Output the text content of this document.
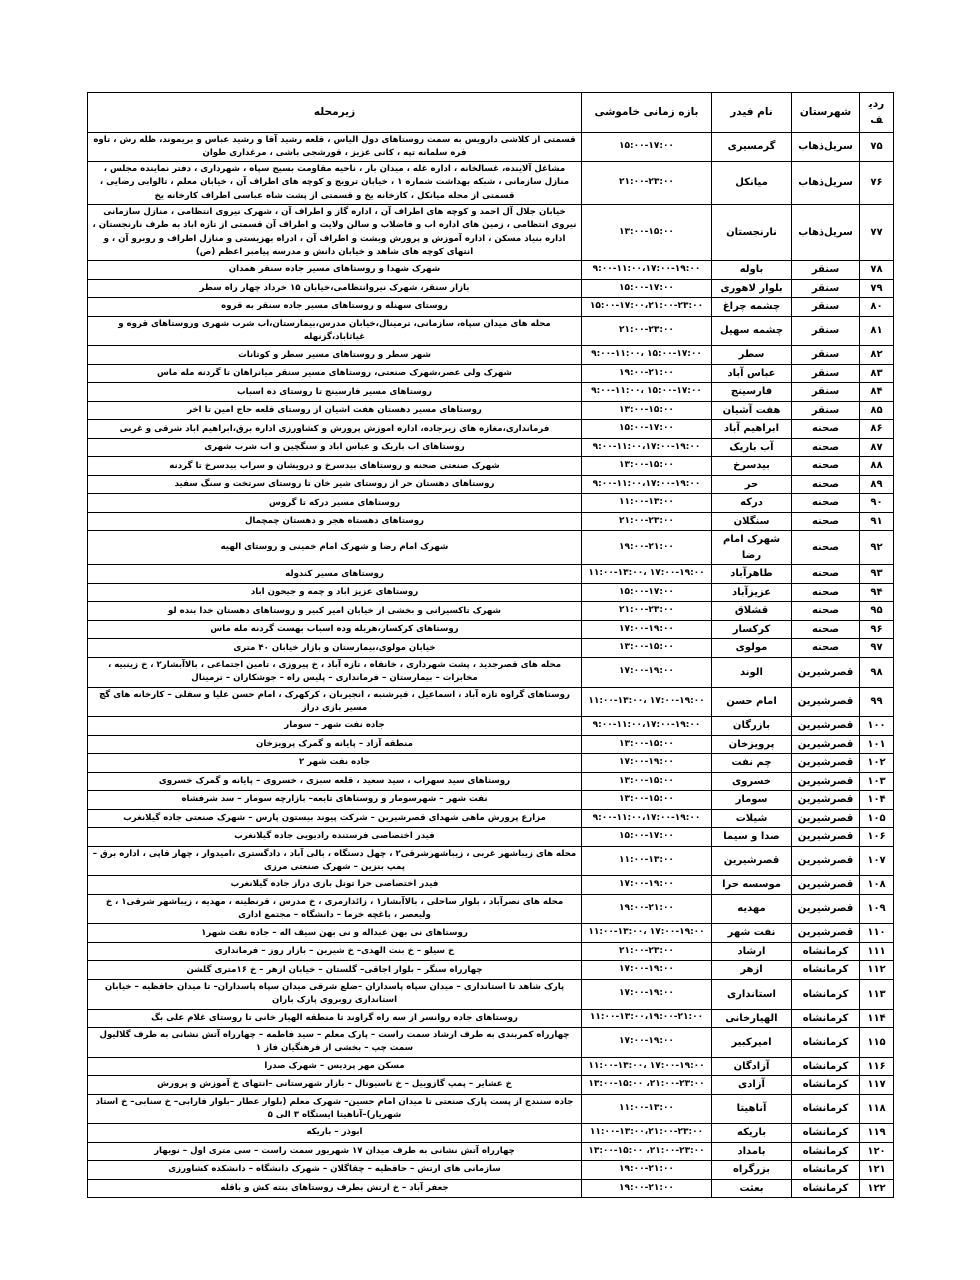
ردیف	شهرستان	نام فیدر	بازه زمانی خاموشی	زیرمحله
۷۵	سریل‌ذهاب	گرمسیری	۱۵:۰۰-۱۷:۰۰	قسمتی از کلاشی دارویس به سمت روستاهای دول الیاس ، قلعه رشید آقا و رشید عباس و بریموند، ظله رش ، تاوه فره سلمانه تپه ، کانی عزیز ، قورشجی باشی ، مرغداری طوان
۷۶	سریل‌ذهاب	میانکل	۲۱:۰۰-۲۳:۰۰	مشاغل آلاینده، غسالخانه ، اداره غله ، میدان بار ، ناحیه مقاومت بسیج سپاه ، شهرداری ، دفتر نماینده مجلس ، منازل سازمانی ، شبکه بهداشت شماره ۱ ، خیابان ترویج و کوچه های اطراف آن ، خیابان معلم ، تالوابی رضایی ، قسمتی از محله میانکل ، کارخانه یخ و قسمتی از پشت شاه عباسی اطراف کارخانه یخ
۷۷	سریل‌ذهاب	نارنجستان	۱۳:۰۰-۱۵:۰۰	خیابان جلال آل احمد و کوچه های اطراف آن ، اداره گاز و اطراف آن ، شهرک نیروی انتظامی ، منازل سازمانی نیروی انتظامی ، زمین های اداره اب و فاضلاب و سالن ولایت و اطراف آن قسمتی از تازه اباد به طرف نارنجستان ، اداره بنیاد مسکن ، اداره آموزش و پرورش وبشت و اطراف آن ، ادراه بهزیستی و منازل اطراف و روبرو آن ، و انتهای کوچه های شاهد و خیابان دانش و مدرسه پیامبر اعظم (ص)
۷۸	سنقر	باوله	۹:۰۰-۱۱:۰۰،۱۷:۰۰-۱۹:۰۰	شهرک شهدا و روستاهای مسیر جاده سنقر همدان
۷۹	سنقر	بلوار لاهوری	۱۵:۰۰-۱۷:۰۰	بازار سنقر، شهرک نیروانتظامی،خیابان ۱۵ خرداد چهار راه سطر
۸۰	سنقر	چشمه چراغ	۱۵:۰۰-۱۷:۰۰،۲۱:۰۰-۲۳:۰۰	روستای سهنله و روستاهای مسیر جاده سنقر به قروه
۸۱	سنقر	چشمه سهیل	۲۱:۰۰-۲۳:۰۰	محله های میدان سپاه، سازمانی، ترمینال،خیابان مدرس،بیمارستان،اب شرب شهری وروستاهای قروه و غیاثاباد،گزنهله
۸۲	سنقر	سطر	۹:۰۰-۱۱:۰۰، ۱۵:۰۰-۱۷:۰۰	شهر سطر و روستاهای مسیر سطر و کوتانات
۸۳	سنقر	عباس آباد	۱۹:۰۰-۲۱:۰۰	شهرک ولی عصر،شهرک صنعتی، روستاهای مسیر سنقر میانراهان تا گردنه مله ماس
۸۴	سنقر	فارسینج	۹:۰۰-۱۱:۰۰، ۱۵:۰۰-۱۷:۰۰	روستاهای مسیر فارسینج تا روستای ده اسباب
۸۵	سنقر	هفت آشیان	۱۳:۰۰-۱۵:۰۰	روستاهای مسیر دهستان هفت اشیان از روستای قلعه حاج امین تا اخر
۸۶	صحنه	ابراهیم آباد	۱۵:۰۰-۱۷:۰۰	فرمانداری،مغازه های زیرجاده، اداره اموزش پرورش و کشاورزی اداره برق،ابراهیم اباد شرقی و غربی
۸۷	صحنه	آب باریک	۹:۰۰-۱۱:۰۰،۱۷:۰۰-۱۹:۰۰	روستاهای اب باریک و عباس اباد و سنگچین و اب شرب شهری
۸۸	صحنه	بیدسرخ	۱۳:۰۰-۱۵:۰۰	شهرک صنعتی صحنه و روستاهای بیدسرخ و درویشان و سراب بیدسرخ تا گردنه
۸۹	صحنه	حر	۹:۰۰-۱۱:۰۰،۱۷:۰۰-۱۹:۰۰	روستاهای دهستان حر از روستای شیر خان تا روستای سرتخت و سنگ سفید
۹۰	صحنه	درکه	۱۱:۰۰-۱۳:۰۰	روستاهای مسیر درکه تا گروس
۹۱	صحنه	سنگلان	۲۱:۰۰-۲۳:۰۰	روستاهای دهستاه هجر و دهستان چمچمال
۹۲	صحنه	شهرک امام رضا	۱۹:۰۰-۲۱:۰۰	شهرک امام رضا و شهرک امام خمینی و روستای الهیه
۹۳	صحنه	طاهرآباد	۱۱:۰۰-۱۳:۰۰، ۱۷:۰۰-۱۹:۰۰	روستاهای مسیر کندوله
۹۴	صحنه	عزیزآباد	۱۵:۰۰-۱۷:۰۰	روستاهای عزیز اباد و چمه و جیحون اباد
۹۵	صحنه	قشلاق	۲۱:۰۰-۲۳:۰۰	شهرک تاکسیرانی و بخشی از خیابان امیر کبیر و روستاهای دهستان خدا بنده لو
۹۶	صحنه	کرکسار	۱۷:۰۰-۱۹:۰۰	روستاهای کرکسار،هربله وده اسباب بهست گردنه مله ماس
۹۷	صحنه	مولوی	۱۳:۰۰-۱۵:۰۰	خیابان مولوی،بیمارستان و بازار خیابان ۴۰ متری
۹۸	قصرشیرین	الوند	۱۷:۰۰-۱۹:۰۰	محله های قصرجدید ، پشت شهرداری ، خانقاه ، تازه آباد ، خ پیروزی ، تامین اجتماعی ، بالاآبشار۲ ، خ زینبیه ، مخابرات – بیمارستان – فرمانداری – پلیس راه – جوشکاران – ترمینال
۹۹	قصرشیرین	امام حسن	۱۱:۰۰-۱۳:۰۰، ۱۷:۰۰-۱۹:۰۰	روستاهای گراوه تازه آباد ، اسماعیل ، قیرشنبه ، انجیربان ، کرکهرک ، امام حسن علیا و سفلی – کارخانه های گچ مسیر بازی دراز
۱۰۰	قصرشیرین	بازرگان	۹:۰۰-۱۱:۰۰،۱۷:۰۰-۱۹:۰۰	جاده نفت شهر – سومار
۱۰۱	قصرشیرین	پرویزخان	۱۳:۰۰-۱۵:۰۰	منطقه آزاد – پایانه و گمرک پرویزخان
۱۰۲	قصرشیرین	چم نفت	۱۷:۰۰-۱۹:۰۰	جاده نفت شهر ۲
۱۰۳	قصرشیرین	خسروی	۱۳:۰۰-۱۵:۰۰	روستاهای سید سهراب ، سید سعید ، قلعه سبزی ، خسروی – پایانه و گمرک خسروی
۱۰۴	قصرشیرین	سومار	۱۳:۰۰-۱۵:۰۰	نفت شهر – شهرسومار و روستاهای تابعه– بازارچه سومار – سد شرفشاه
۱۰۵	قصرشیرین	شیلات	۹:۰۰-۱۱:۰۰،۱۷:۰۰-۱۹:۰۰	مزارع پرورش ماهی شهدای قصرشیرین – شرکت پیوند بیستون پارس – شهرک صنعتی جاده گیلانغرب
۱۰۶	قصرشیرین	صدا و سیما	۱۵:۰۰-۱۷:۰۰	فیدر اختصاصی فرستنده رادیویی جاده گیلانغرب
۱۰۷	قصرشیرین	قصرشیرین	۱۱:۰۰-۱۳:۰۰	محله های زیباشهر غربی ، زیباشهرشرقی۲ ، چهل دستگاه ، بالی آباد ، دادگستری ،امیدوار ، چهار قاپی ، اداره برق – پمپ بنزین – شهرک صنعتی مرزی
۱۰۸	قصرشیرین	موسسه حرا	۱۷:۰۰-۱۹:۰۰	فیدر اختصاصی حرا تونل بازی دراز جاده گیلانغرب
۱۰۹	قصرشیرین	مهدیه	۱۹:۰۰-۲۱:۰۰	محله های نصرآباد ، بلوار ساحلی ، بالاآبشار۱ ، زائدارمری ، خ مدرس ، قرنطینه ، مهدیه ، زیباشهر شرقی۱ ، خ ولیعصر ، باغچه خرما – دانشگاه – مجتمع اداری
۱۱۰	قصرشیرین	نفت شهر	۱۱:۰۰-۱۳:۰۰، ۱۷:۰۰-۱۹:۰۰	روستاهای نی بهن عبداله و نی بهن سیف اله – جاده نفت شهر۱
۱۱۱	کرمانشاه	ارشاد	۲۱:۰۰-۲۳:۰۰	خ سیلو – خ بنت الهدی– خ شیرین – بازار روز – فرمانداری
۱۱۲	کرمانشاه	ازهر	۱۷:۰۰-۱۹:۰۰	چهارراه سنگر – بلوار اجاقی– گلستان – خیابان ازهر – خ ۱۶متری گلشن
۱۱۳	کرمانشاه	استانداری	۱۷:۰۰-۱۹:۰۰	پارک شاهد تا استانداری – میدان سپاه پاسداران –ضلع شرقی میدان سپاه پاسداران– تا میدان حافظیه – خیابان استانداری روبروی پارک باران
۱۱۴	کرمانشاه	الهیارخانی	۱۱:۰۰-۱۳:۰۰،۱۹:۰۰-۲۱:۰۰	روستاهای جاده روانسر از سه راه گراوند تا منطقه الهیار خانی تا روستای غلام علی بگ
۱۱۵	کرمانشاه	امیرکبیر	۱۷:۰۰-۱۹:۰۰	چهارراه کمربندی به طرف ارشاد سمت راست – پارک معلم – سید فاطمه – چهارراه آتش نشانی به طرف گلالیول سمت چپ – بخشی از فرهنگیان فاز ۱
۱۱۶	کرمانشاه	آزادگان	۱۱:۰۰-۱۳:۰۰، ۱۷:۰۰-۱۹:۰۰	مسکن مهر پردیس – شهرک صدرا
۱۱۷	کرمانشاه	آزادی	۱۳:۰۰-۱۵:۰۰ ،۲۱:۰۰-۲۳:۰۰	خ عشایر – پمپ گازوییل – خ ناسیونال – بازار شهرستانی –انتهای خ آموزش و پرورش
۱۱۸	کرمانشاه	آناهیتا	۱۱:۰۰-۱۳:۰۰	جاده سنندج از پست پارک صنعتی تا میدان امام حسین– شهرک معلم (بلوار عطار –بلوار فارابی– خ سنابی– خ استاد شهریار)–آناهیتا ایستگاه ۳ الی ۵
۱۱۹	کرمانشاه	باریکه	۱۱:۰۰-۱۳:۰۰،۲۱:۰۰-۲۳:۰۰	ابوذر – باریکه
۱۲۰	کرمانشاه	بامداد	۱۳:۰۰-۱۵:۰۰ ،۲۱:۰۰-۲۳:۰۰	چهارراه آتش نشانی به طرف میدان ۱۷ شهریور سمت راست – سی متری اول – نوبهار
۱۲۱	کرمانشاه	بزرگراه	۱۹:۰۰-۲۱:۰۰	سازمانی های ارتش – حافظیه – چقاگلان – شهرک دانشگاه – دانشکده کشاورزی
۱۲۲	کرمانشاه	بعثت	۱۹:۰۰-۲۱:۰۰	جعفر آباد – خ ارتش بطرف روستاهای بنته کش و باقله
